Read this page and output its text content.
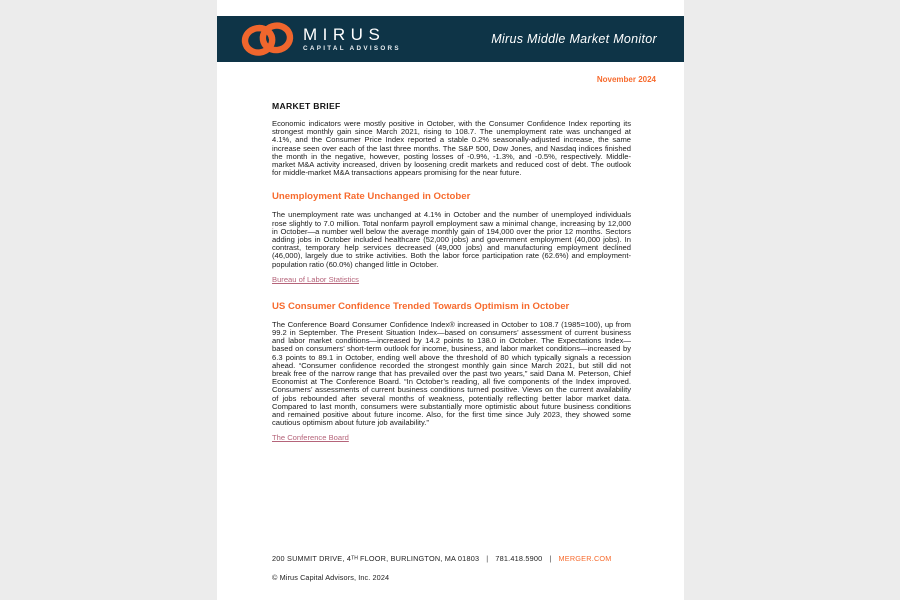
MIRUS
CAPITAL ADVISORS
Mirus Middle Market Monitor
November 2024
MARKET BRIEF
Economic indicators were mostly positive in October, with the Consumer Confidence Index reporting its strongest monthly gain since March 2021, rising to 108.7. The unemployment rate was unchanged at 4.1%, and the Consumer Price Index reported a stable 0.2% seasonally-adjusted increase, the same increase seen over each of the last three months. The S&P 500, Dow Jones, and Nasdaq indices finished the month in the negative, however, posting losses of -0.9%, -1.3%, and -0.5%, respectively. Middle-market M&A activity increased, driven by loosening credit markets and reduced cost of debt. The outlook for middle-market M&A transactions appears promising for the near future.
Unemployment Rate Unchanged in October
The unemployment rate was unchanged at 4.1% in October and the number of unemployed individuals rose slightly to 7.0 million. Total nonfarm payroll employment saw a minimal change, increasing by 12,000 in October—a number well below the average monthly gain of 194,000 over the prior 12 months. Sectors adding jobs in October included healthcare (52,000 jobs) and government employment (40,000 jobs). In contrast, temporary help services decreased (49,000 jobs) and manufacturing employment declined (46,000), largely due to strike activities. Both the labor force participation rate (62.6%) and employment-population ratio (60.0%) changed little in October.
Bureau of Labor Statistics
US Consumer Confidence Trended Towards Optimism in October
The Conference Board Consumer Confidence Index® increased in October to 108.7 (1985=100), up from 99.2 in September. The Present Situation Index—based on consumers’ assessment of current business and labor market conditions—increased by 14.2 points to 138.0 in October. The Expectations Index—based on consumers’ short-term outlook for income, business, and labor market conditions—increased by 6.3 points to 89.1 in October, ending well above the threshold of 80 which typically signals a recession ahead. “Consumer confidence recorded the strongest monthly gain since March 2021, but still did not break free of the narrow range that has prevailed over the past two years,” said Dana M. Peterson, Chief Economist at The Conference Board. “In October’s reading, all five components of the Index improved. Consumers’ assessments of current business conditions turned positive. Views on the current availability of jobs rebounded after several months of weakness, potentially reflecting better labor market data. Compared to last month, consumers were substantially more optimistic about future business conditions and remained positive about future income. Also, for the first time since July 2023, they showed some cautious optimism about future job availability.”
The Conference Board
200 SUMMIT DRIVE, 4ᵀᴴ FLOOR, BURLINGTON, MA 01803 | 781.418.5900 | MERGER.COM
© Mirus Capital Advisors, Inc. 2024
